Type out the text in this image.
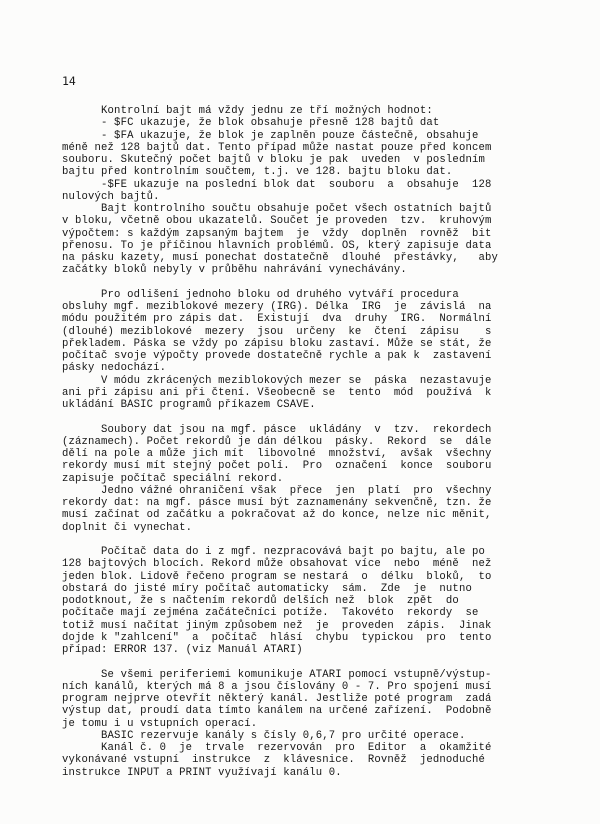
14
Kontrolní bajt má vždy jednu ze tří možných hodnot:
- $FC ukazuje, že blok obsahuje přesně 128 bajtů dat
- $FA ukazuje, že blok je zaplněn pouze částečně, obsahuje
méně než 128 bajtů dat. Tento případ může nastat pouze před koncem
souboru. Skutečný počet bajtů v bloku je pak  uveden  v posledním
bajtu před kontrolním součtem, t.j. ve 128. bajtu bloku dat.
-$FE ukazuje na poslední blok dat  souboru  a  obsahuje  128
nulových bajtů.
Bajt kontrolního součtu obsahuje počet všech ostatních bajtů
v bloku, včetně obou ukazatelů. Součet je proveden  tzv.  kruhovým
výpočtem: s každým zapsaným bajtem  je  vždy  doplněn  rovněž  bit
přenosu. To je příčinou hlavních problémů. OS, který zapisuje data
na pásku kazety, musí ponechat dostatečně  dlouhé  přestávky,   aby
začátky bloků nebyly v průběhu nahrávání vynechávány.
Pro odlišení jednoho bloku od druhého vytváří procedura
obsluhy mgf. meziblokové mezery (IRG). Délka  IRG  je  závislá  na
módu použitém pro zápis dat.  Existují  dva  druhy  IRG.  Normální
(dlouhé) meziblokové  mezery  jsou  určeny  ke  čtení  zápisu    s
překladem. Páska se vždy po zápisu bloku zastaví. Může se stát, že
počítač svoje výpočty provede dostatečně rychle a pak k  zastavení
pásky nedochází.
V módu zkrácených meziblokových mezer se  páska  nezastavuje
ani při zápisu ani při čtení. Všeobecně se  tento  mód  používá  k
ukládání BASIC programů příkazem CSAVE.
Soubory dat jsou na mgf. pásce  ukládány  v  tzv.  rekordech
(záznamech). Počet rekordů je dán délkou  pásky.  Rekord  se  dále
dělí na pole a může jich mít  libovolné  množství,  avšak  všechny
rekordy musí mít stejný počet polí.  Pro  označení  konce  souboru
zapisuje počítač speciální rekord.
Jedno vážné ohraničení však  přece  jen  platí  pro  všechny
rekordy dat: na mgf. pásce musí být zaznamenány sekvenčně, tzn. že
musí začínat od začátku a pokračovat až do konce, nelze nic měnit,
doplnit či vynechat.
Počítač data do i z mgf. nezpracovává bajt po bajtu, ale po
128 bajtových blocích. Rekord může obsahovat více  nebo  méně  než
jeden blok. Lidově řečeno program se nestará  o  délku  bloků,  to
obstará do jisté míry počítač automaticky  sám.  Zde  je  nutno
podotknout, že s načtením rekordů delších než  blok  zpět  do
počítače mají zejména začátečníci potíže.  Takovéto  rekordy  se
totiž musí načítat jiným způsobem než  je  proveden  zápis.  Jinak
dojde k "zahlcení"  a  počítač  hlásí  chybu  typickou  pro  tento
případ: ERROR 137. (viz Manuál ATARI)
Se všemi periferiemi komunikuje ATARI pomocí vstupně/výstup-
ních kanálů, kterých má 8 a jsou číslovány 0 - 7. Pro spojení musí
program nejprve otevřít některý kanál. Jestliže poté program  zadá
výstup dat, proudí data tímto kanálem na určené zařízení.  Podobně
je tomu i u vstupních operací.
BASIC rezervuje kanály s čísly 0,6,7 pro určité operace.
Kanál č. 0  je  trvale  rezervován  pro  Editor  a  okamžité
vykonávané vstupní  instrukce  z  klávesnice.  Rovněž  jednoduché
instrukce INPUT a PRINT využívají kanálu 0.
